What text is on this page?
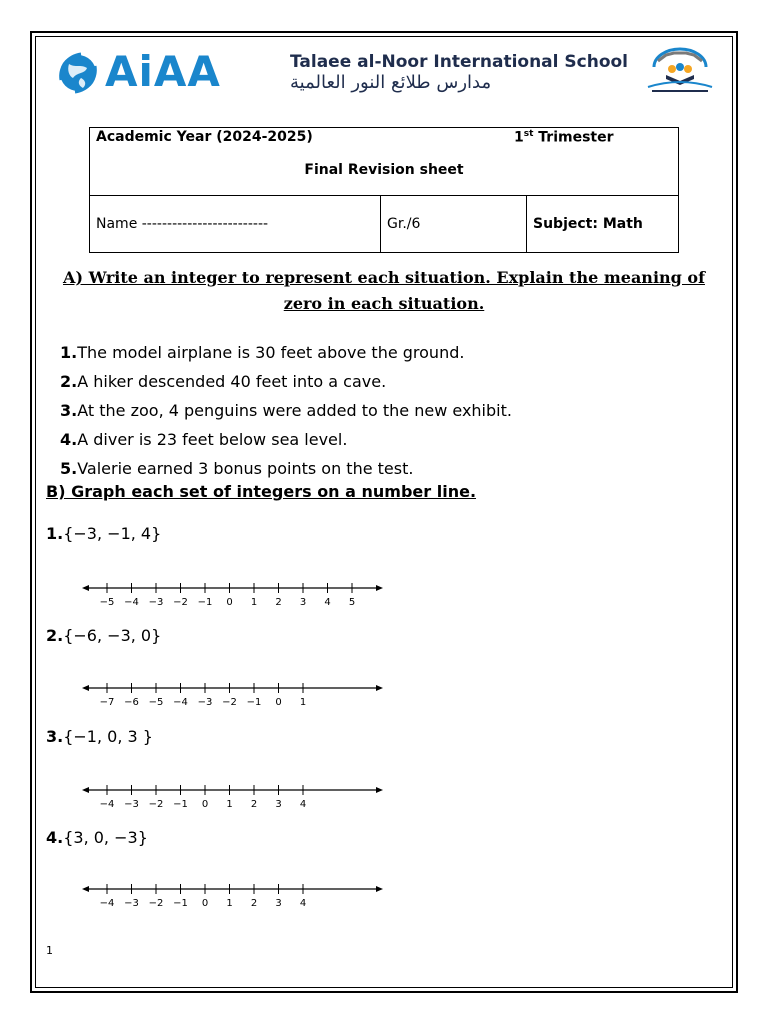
AiAA	Talaee al-Noor International School
مدارس طلائع النور العالمية
Academic Year (2024-2025)	1st Trimester
Final Revision sheet

Name -------------------------	Gr./6	Subject: Math
A) Write an integer to represent each situation. Explain the meaning of zero in each situation.
1.The model airplane is 30 feet above the ground.
2.A hiker descended 40 feet into a cave.
3.At the zoo, 4 penguins were added to the new exhibit.
4.A diver is 23 feet below sea level.
5.Valerie earned 3 bonus points on the test.
B) Graph each set of integers on a number line.
1.{−3, −1, 4}
−5 −4 −3 −2 −1 0 1 2 3 4 5
2.{−6, −3, 0}
−7 −6 −5 −4 −3 −2 −1 0 1
3.{−1, 0, 3 }
−4 −3 −2 −1 0 1 2 3 4
4.{3, 0, −3}
−4 −3 −2 −1 0 1 2 3 4
1
